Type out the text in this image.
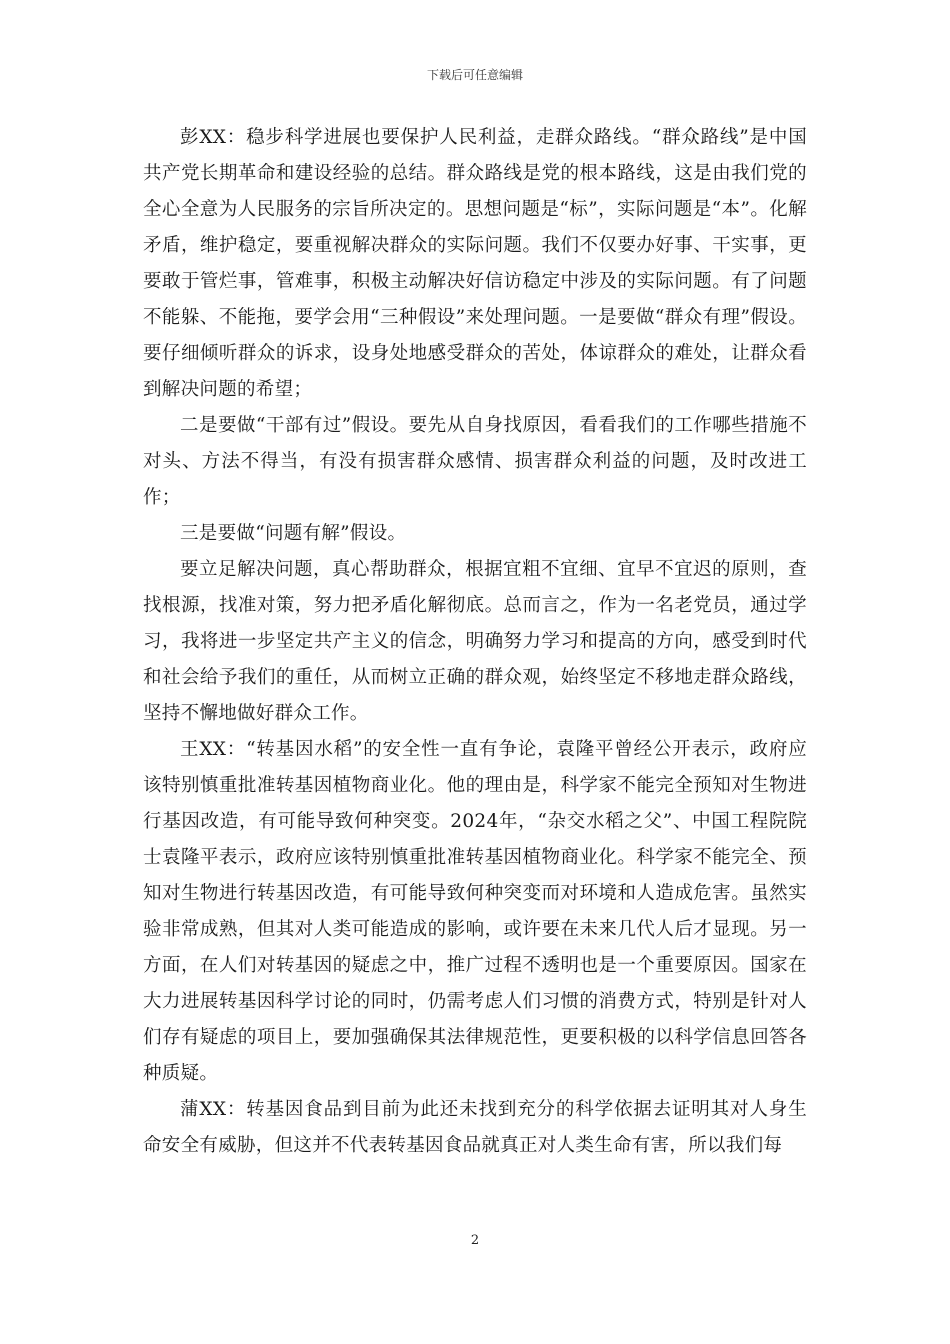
下载后可任意编辑

彭XX：稳步科学进展也要保护人民利益，走群众路线。“群众路线”是中国共产党长期革命和建设经验的总结。群众路线是党的根本路线，这是由我们党的全心全意为人民服务的宗旨所决定的。思想问题是“标”，实际问题是“本”。化解矛盾，维护稳定，要重视解决群众的实际问题。我们不仅要办好事、干实事，更要敢于管烂事，管难事，积极主动解决好信访稳定中涉及的实际问题。有了问题不能躲、不能拖，要学会用“三种假设”来处理问题。一是要做“群众有理”假设。要仔细倾听群众的诉求，设身处地感受群众的苦处，体谅群众的难处，让群众看到解决问题的希望；

二是要做“干部有过”假设。要先从自身找原因，看看我们的工作哪些措施不对头、方法不得当，有没有损害群众感情、损害群众利益的问题，及时改进工作；

三是要做“问题有解”假设。

要立足解决问题，真心帮助群众，根据宜粗不宜细、宜早不宜迟的原则，查找根源，找准对策，努力把矛盾化解彻底。总而言之，作为一名老党员，通过学习，我将进一步坚定共产主义的信念，明确努力学习和提高的方向，感受到时代和社会给予我们的重任，从而树立正确的群众观，始终坚定不移地走群众路线，坚持不懈地做好群众工作。

王XX：“转基因水稻”的安全性一直有争论，袁隆平曾经公开表示，政府应该特别慎重批准转基因植物商业化。他的理由是，科学家不能完全预知对生物进行基因改造，有可能导致何种突变。2024年，“杂交水稻之父”、中国工程院院士袁隆平表示，政府应该特别慎重批准转基因植物商业化。科学家不能完全、预知对生物进行转基因改造，有可能导致何种突变而对环境和人造成危害。虽然实验非常成熟，但其对人类可能造成的影响，或许要在未来几代人后才显现。另一方面，在人们对转基因的疑虑之中，推广过程不透明也是一个重要原因。国家在大力进展转基因科学讨论的同时，仍需考虑人们习惯的消费方式，特别是针对人们存有疑虑的项目上，要加强确保其法律规范性，更要积极的以科学信息回答各种质疑。

蒲XX：转基因食品到目前为此还未找到充分的科学依据去证明其对人身生命安全有威胁，但这并不代表转基因食品就真正对人类生命有害，所以我们每

2
